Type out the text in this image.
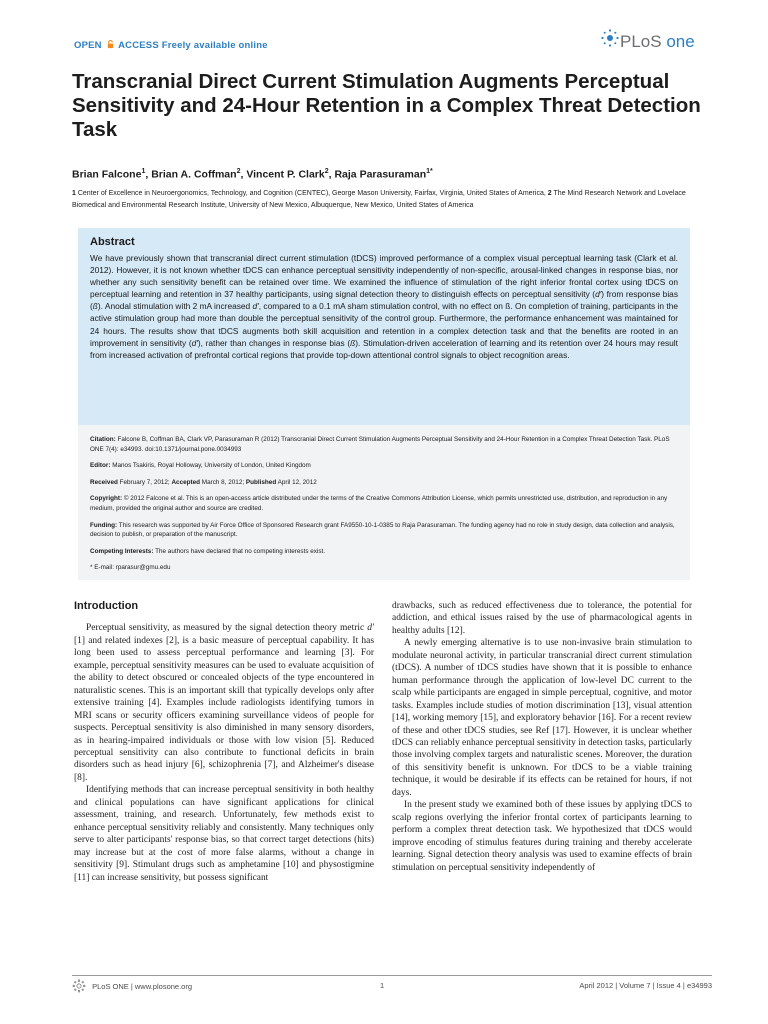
OPEN ACCESS Freely available online	PLoS one
Transcranial Direct Current Stimulation Augments Perceptual Sensitivity and 24-Hour Retention in a Complex Threat Detection Task
Brian Falcone$^1$, Brian A. Coffman$^2$, Vincent P. Clark$^2$, Raja Parasuraman$^{1*}$
1 Center of Excellence in Neuroergonomics, Technology, and Cognition (CENTEC), George Mason University, Fairfax, Virginia, United States of America, 2 The Mind Research Network and Lovelace Biomedical and Environmental Research Institute, University of New Mexico, Albuquerque, New Mexico, United States of America
Abstract

We have previously shown that transcranial direct current stimulation (tDCS) improved performance of a complex visual perceptual learning task (Clark et al. 2012). However, it is not known whether tDCS can enhance perceptual sensitivity independently of non-specific, arousal-linked changes in response bias, nor whether any such sensitivity benefit can be retained over time. We examined the influence of stimulation of the right inferior frontal cortex using tDCS on perceptual learning and retention in 37 healthy participants, using signal detection theory to distinguish effects on perceptual sensitivity (d′) from response bias (ß). Anodal stimulation with 2 mA increased d′, compared to a 0.1 mA sham stimulation control, with no effect on ß. On completion of training, participants in the active stimulation group had more than double the perceptual sensitivity of the control group. Furthermore, the performance enhancement was maintained for 24 hours. The results show that tDCS augments both skill acquisition and retention in a complex detection task and that the benefits are rooted in an improvement in sensitivity (d′), rather than changes in response bias (ß). Stimulation-driven acceleration of learning and its retention over 24 hours may result from increased activation of prefrontal cortical regions that provide top-down attentional control signals to object recognition areas.

Citation: Falcone B, Coffman BA, Clark VP, Parasuraman R (2012) Transcranial Direct Current Stimulation Augments Perceptual Sensitivity and 24-Hour Retention in a Complex Threat Detection Task. PLoS ONE 7(4): e34993. doi:10.1371/journal.pone.0034993

Editor: Manos Tsakiris, Royal Holloway, University of London, United Kingdom

Received February 7, 2012; Accepted March 8, 2012; Published April 12, 2012

Copyright: © 2012 Falcone et al. This is an open-access article distributed under the terms of the Creative Commons Attribution License, which permits unrestricted use, distribution, and reproduction in any medium, provided the original author and source are credited.

Funding: This research was supported by Air Force Office of Sponsored Research grant FA9550-10-1-0385 to Raja Parasuraman. The funding agency had no role in study design, data collection and analysis, decision to publish, or preparation of the manuscript.

Competing Interests: The authors have declared that no competing interests exist.

* E-mail: rparasur@gmu.edu

Introduction

Perceptual sensitivity, as measured by the signal detection theory metric d′ [1] and related indexes [2], is a basic measure of perceptual capability. It has long been used to assess perceptual performance and learning [3]. For example, perceptual sensitivity measures can be used to evaluate acquisition of the ability to detect obscured or concealed objects of the type encountered in naturalistic scenes. This is an important skill that typically develops only after extensive training [4]. Examples include radiologists identifying tumors in MRI scans or security officers examining surveillance videos of people for suspects. Perceptual sensitivity is also diminished in many sensory disorders, as in hearing-impaired individuals or those with low vision [5]. Reduced perceptual sensitivity can also contribute to functional deficits in brain disorders such as head injury [6], schizophrenia [7], and Alzheimer's disease [8].

Identifying methods that can increase perceptual sensitivity in both healthy and clinical populations can have significant applications for clinical assessment, training, and research. Unfortunately, few methods exist to enhance perceptual sensitivity reliably and consistently. Many techniques only serve to alter participants' response bias, so that correct target detections (hits) may increase but at the cost of more false alarms, without a change in sensitivity [9]. Stimulant drugs such as amphetamine [10] and physostigmine [11] can increase sensitivity, but possess significant

drawbacks, such as reduced effectiveness due to tolerance, the potential for addiction, and ethical issues raised by the use of pharmacological agents in healthy adults [12].

A newly emerging alternative is to use non-invasive brain stimulation to modulate neuronal activity, in particular transcranial direct current stimulation (tDCS). A number of tDCS studies have shown that it is possible to enhance human performance through the application of low-level DC current to the scalp while participants are engaged in simple perceptual, cognitive, and motor tasks. Examples include studies of motion discrimination [13], visual attention [14], working memory [15], and exploratory behavior [16]. For a recent review of these and other tDCS studies, see Ref [17]. However, it is unclear whether tDCS can reliably enhance perceptual sensitivity in detection tasks, particularly those involving complex targets and naturalistic scenes. Moreover, the duration of this sensitivity benefit is unknown. For tDCS to be a viable training technique, it would be desirable if its effects can be retained for hours, if not days.

In the present study we examined both of these issues by applying tDCS to scalp regions overlying the inferior frontal cortex of participants learning to perform a complex threat detection task. We hypothesized that tDCS would improve encoding of stimulus features during training and thereby accelerate learning. Signal detection theory analysis was used to examine effects of brain stimulation on perceptual sensitivity independently of

PLoS ONE | www.plosone.org	1	April 2012 | Volume 7 | Issue 4 | e34993
